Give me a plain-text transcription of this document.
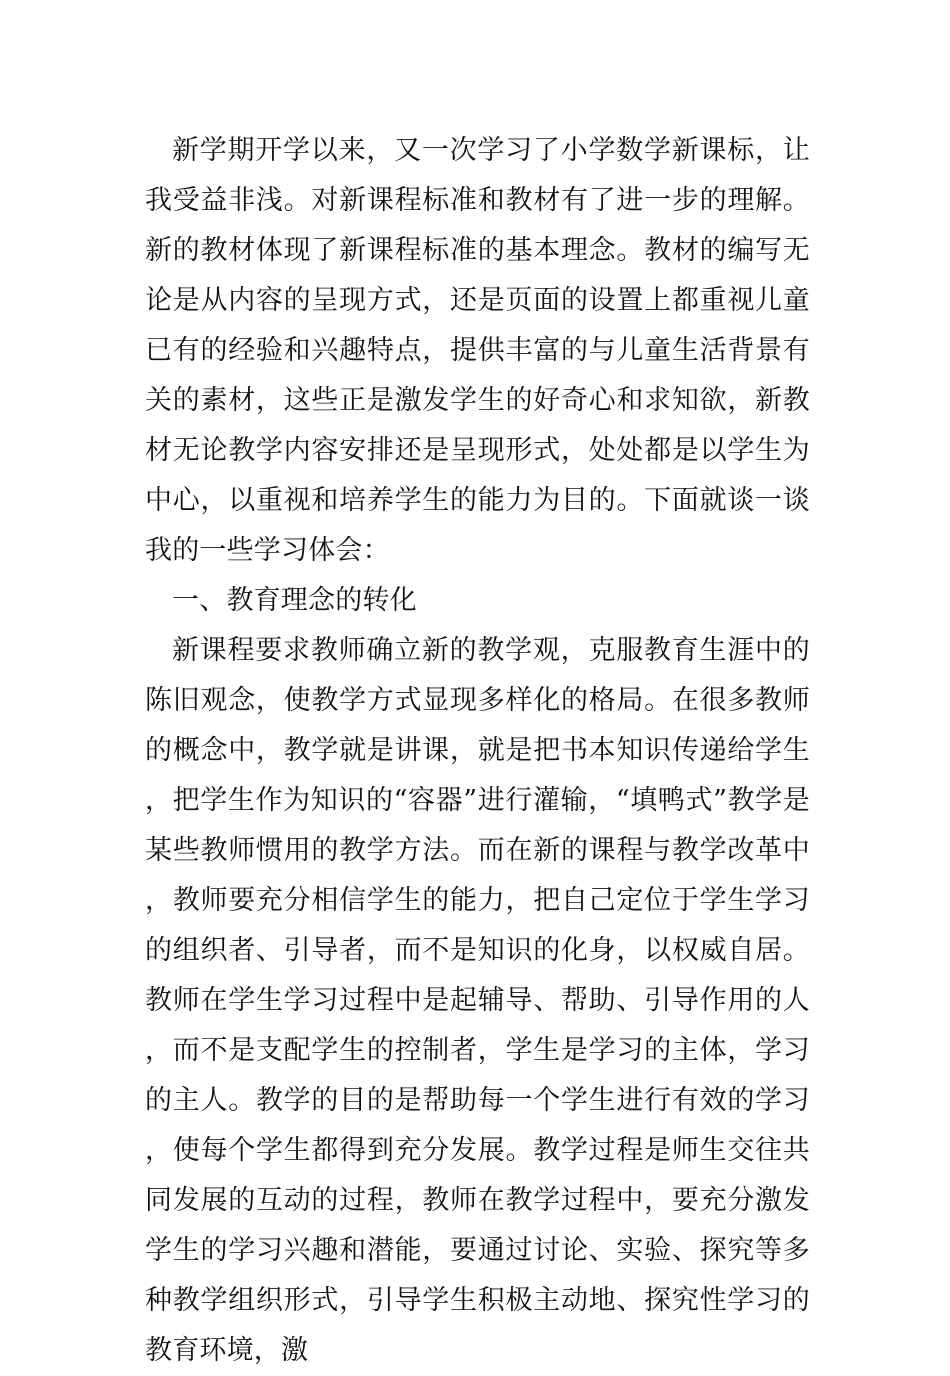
新学期开学以来，又一次学习了小学数学新课标，让我受益非浅。对新课程标准和教材有了进一步的理解。新的教材体现了新课程标准的基本理念。教材的编写无论是从内容的呈现方式，还是页面的设置上都重视儿童已有的经验和兴趣特点，提供丰富的与儿童生活背景有关的素材，这些正是激发学生的好奇心和求知欲，新教材无论教学内容安排还是呈现形式，处处都是以学生为中心，以重视和培养学生的能力为目的。下面就谈一谈我的一些学习体会：

一、教育理念的转化

新课程要求教师确立新的教学观，克服教育生涯中的陈旧观念，使教学方式显现多样化的格局。在很多教师的概念中，教学就是讲课，就是把书本知识传递给学生，把学生作为知识的“容器”进行灌输，“填鸭式”教学是某些教师惯用的教学方法。而在新的课程与教学改革中，教师要充分相信学生的能力，把自己定位于学生学习的组织者、引导者，而不是知识的化身，以权威自居。教师在学生学习过程中是起辅导、帮助、引导作用的人，而不是支配学生的控制者，学生是学习的主体，学习的主人。教学的目的是帮助每一个学生进行有效的学习，使每个学生都得到充分发展。教学过程是师生交往共同发展的互动的过程，教师在教学过程中，要充分激发学生的学习兴趣和潜能，要通过讨论、实验、探究等多种教学组织形式，引导学生积极主动地、探究性学习的教育环境，激
